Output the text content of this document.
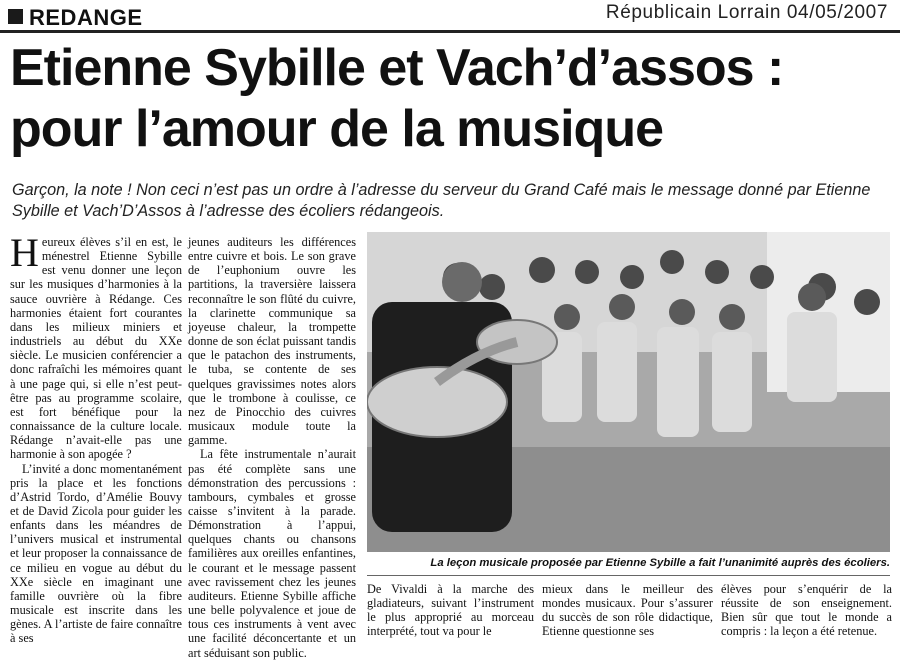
REDANGE	Républicain Lorrain 04/05/2007
Etienne Sybille et Vach’d’assos :
pour l’amour de la musique
Garçon, la note ! Non ceci n’est pas un ordre à l’adresse du serveur du Grand Café mais le message donné par Etienne Sybille et Vach’D’Assos à l’adresse des écoliers rédangeois.

Heureux élèves s’il en est, le ménestrel Etienne Sybille est venu donner une leçon sur les musiques d’harmonies à la sauce ouvrière à Rédange. Ces harmonies étaient fort courantes dans les milieux miniers et industriels au début du XXe siècle. Le musicien conférencier a donc rafraîchi les mémoires quant à une page qui, si elle n’est peut-être pas au programme scolaire, est fort bénéfique pour la connaissance de la culture locale. Rédange n’avait-elle pas une harmonie à son apogée ?

L’invité a donc momentanément pris la place et les fonctions d’Astrid Tordo, d’Amélie Bouvy et de David Zicola pour guider les enfants dans les méandres de l’univers musical et instrumental et leur proposer la connaissance de ce milieu en vogue au début du XXe siècle en imaginant une famille ouvrière où la fibre musicale est inscrite dans les gènes. A l’artiste de faire connaître à ses

jeunes auditeurs les différences entre cuivre et bois. Le son grave de l’euphonium ouvre les partitions, la traversière laissera reconnaître le son flûté du cuivre, la clarinette communique sa joyeuse chaleur, la trompette donne de son éclat puissant tandis que le patachon des instruments, le tuba, se contente de ses quelques gravissimes notes alors que le trombone à coulisse, ce nez de Pinocchio des cuivres musicaux module toute la gamme.

La fête instrumentale n’aurait pas été complète sans une démonstration des percussions : tambours, cymbales et grosse caisse s’invitent à la parade. Démonstration à l’appui, quelques chants ou chansons familières aux oreilles enfantines, le courant et le message passent avec ravissement chez les jeunes auditeurs. Etienne Sybille affiche une belle polyvalence et joue de tous ces instruments à vent avec une facilité déconcertante et un art séduisant son public.

La leçon musicale proposée par Etienne Sybille a fait l’unanimité auprès des écoliers.

De Vivaldi à la marche des gladiateurs, suivant l’instrument le plus approprié au morceau interprété, tout va pour le

mieux dans le meilleur des mondes musicaux. Pour s’assurer du succès de son rôle didactique, Etienne questionne ses

élèves pour s’enquérir de la réussite de son enseignement. Bien sûr que tout le monde a compris : la leçon a été retenue.
